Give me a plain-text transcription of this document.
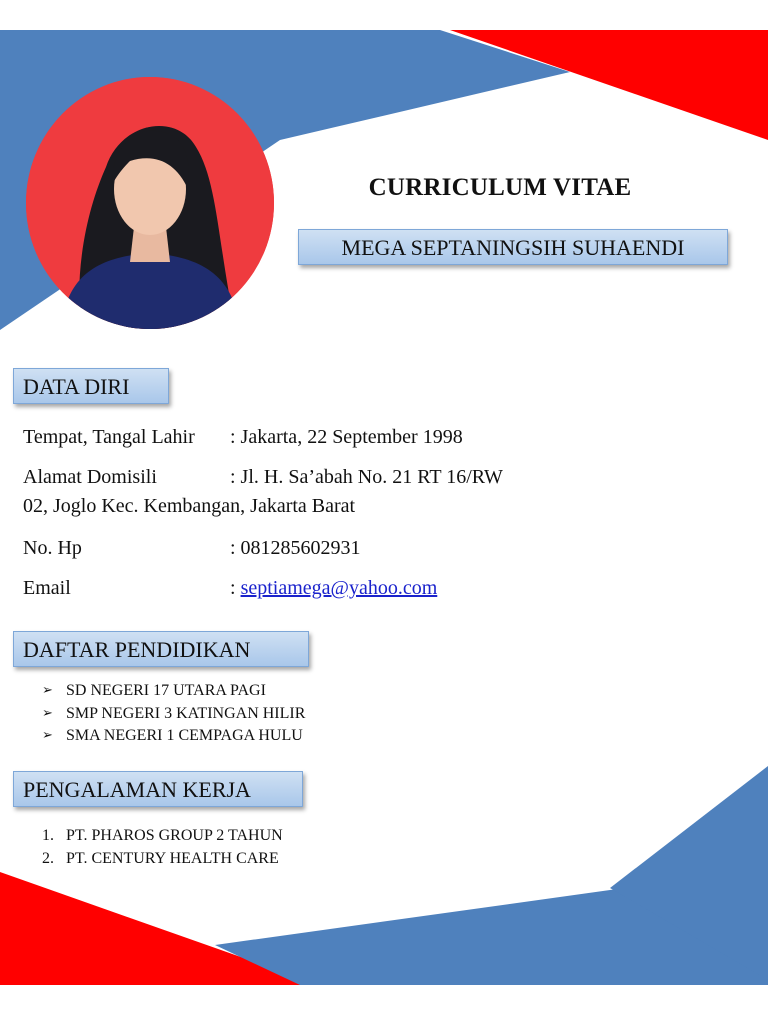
CURRICULUM VITAE
MEGA SEPTANINGSIH SUHAENDI
DATA DIRI
Tempat, Tangal Lahir : Jakarta, 22 September 1998
Alamat Domisili	: Jl. H. Sa’abah No. 21 RT 16/RW
02, Joglo Kec. Kembangan, Jakarta Barat
No. Hp	: 081285602931
Email	: septiamega@yahoo.com
DAFTAR PENDIDIKAN
➢ SD NEGERI 17 UTARA PAGI
➢ SMP NEGERI 3 KATINGAN HILIR
➢ SMA NEGERI 1 CEMPAGA HULU
PENGALAMAN KERJA
1. PT. PHAROS GROUP 2 TAHUN
2. PT. CENTURY HEALTH CARE
